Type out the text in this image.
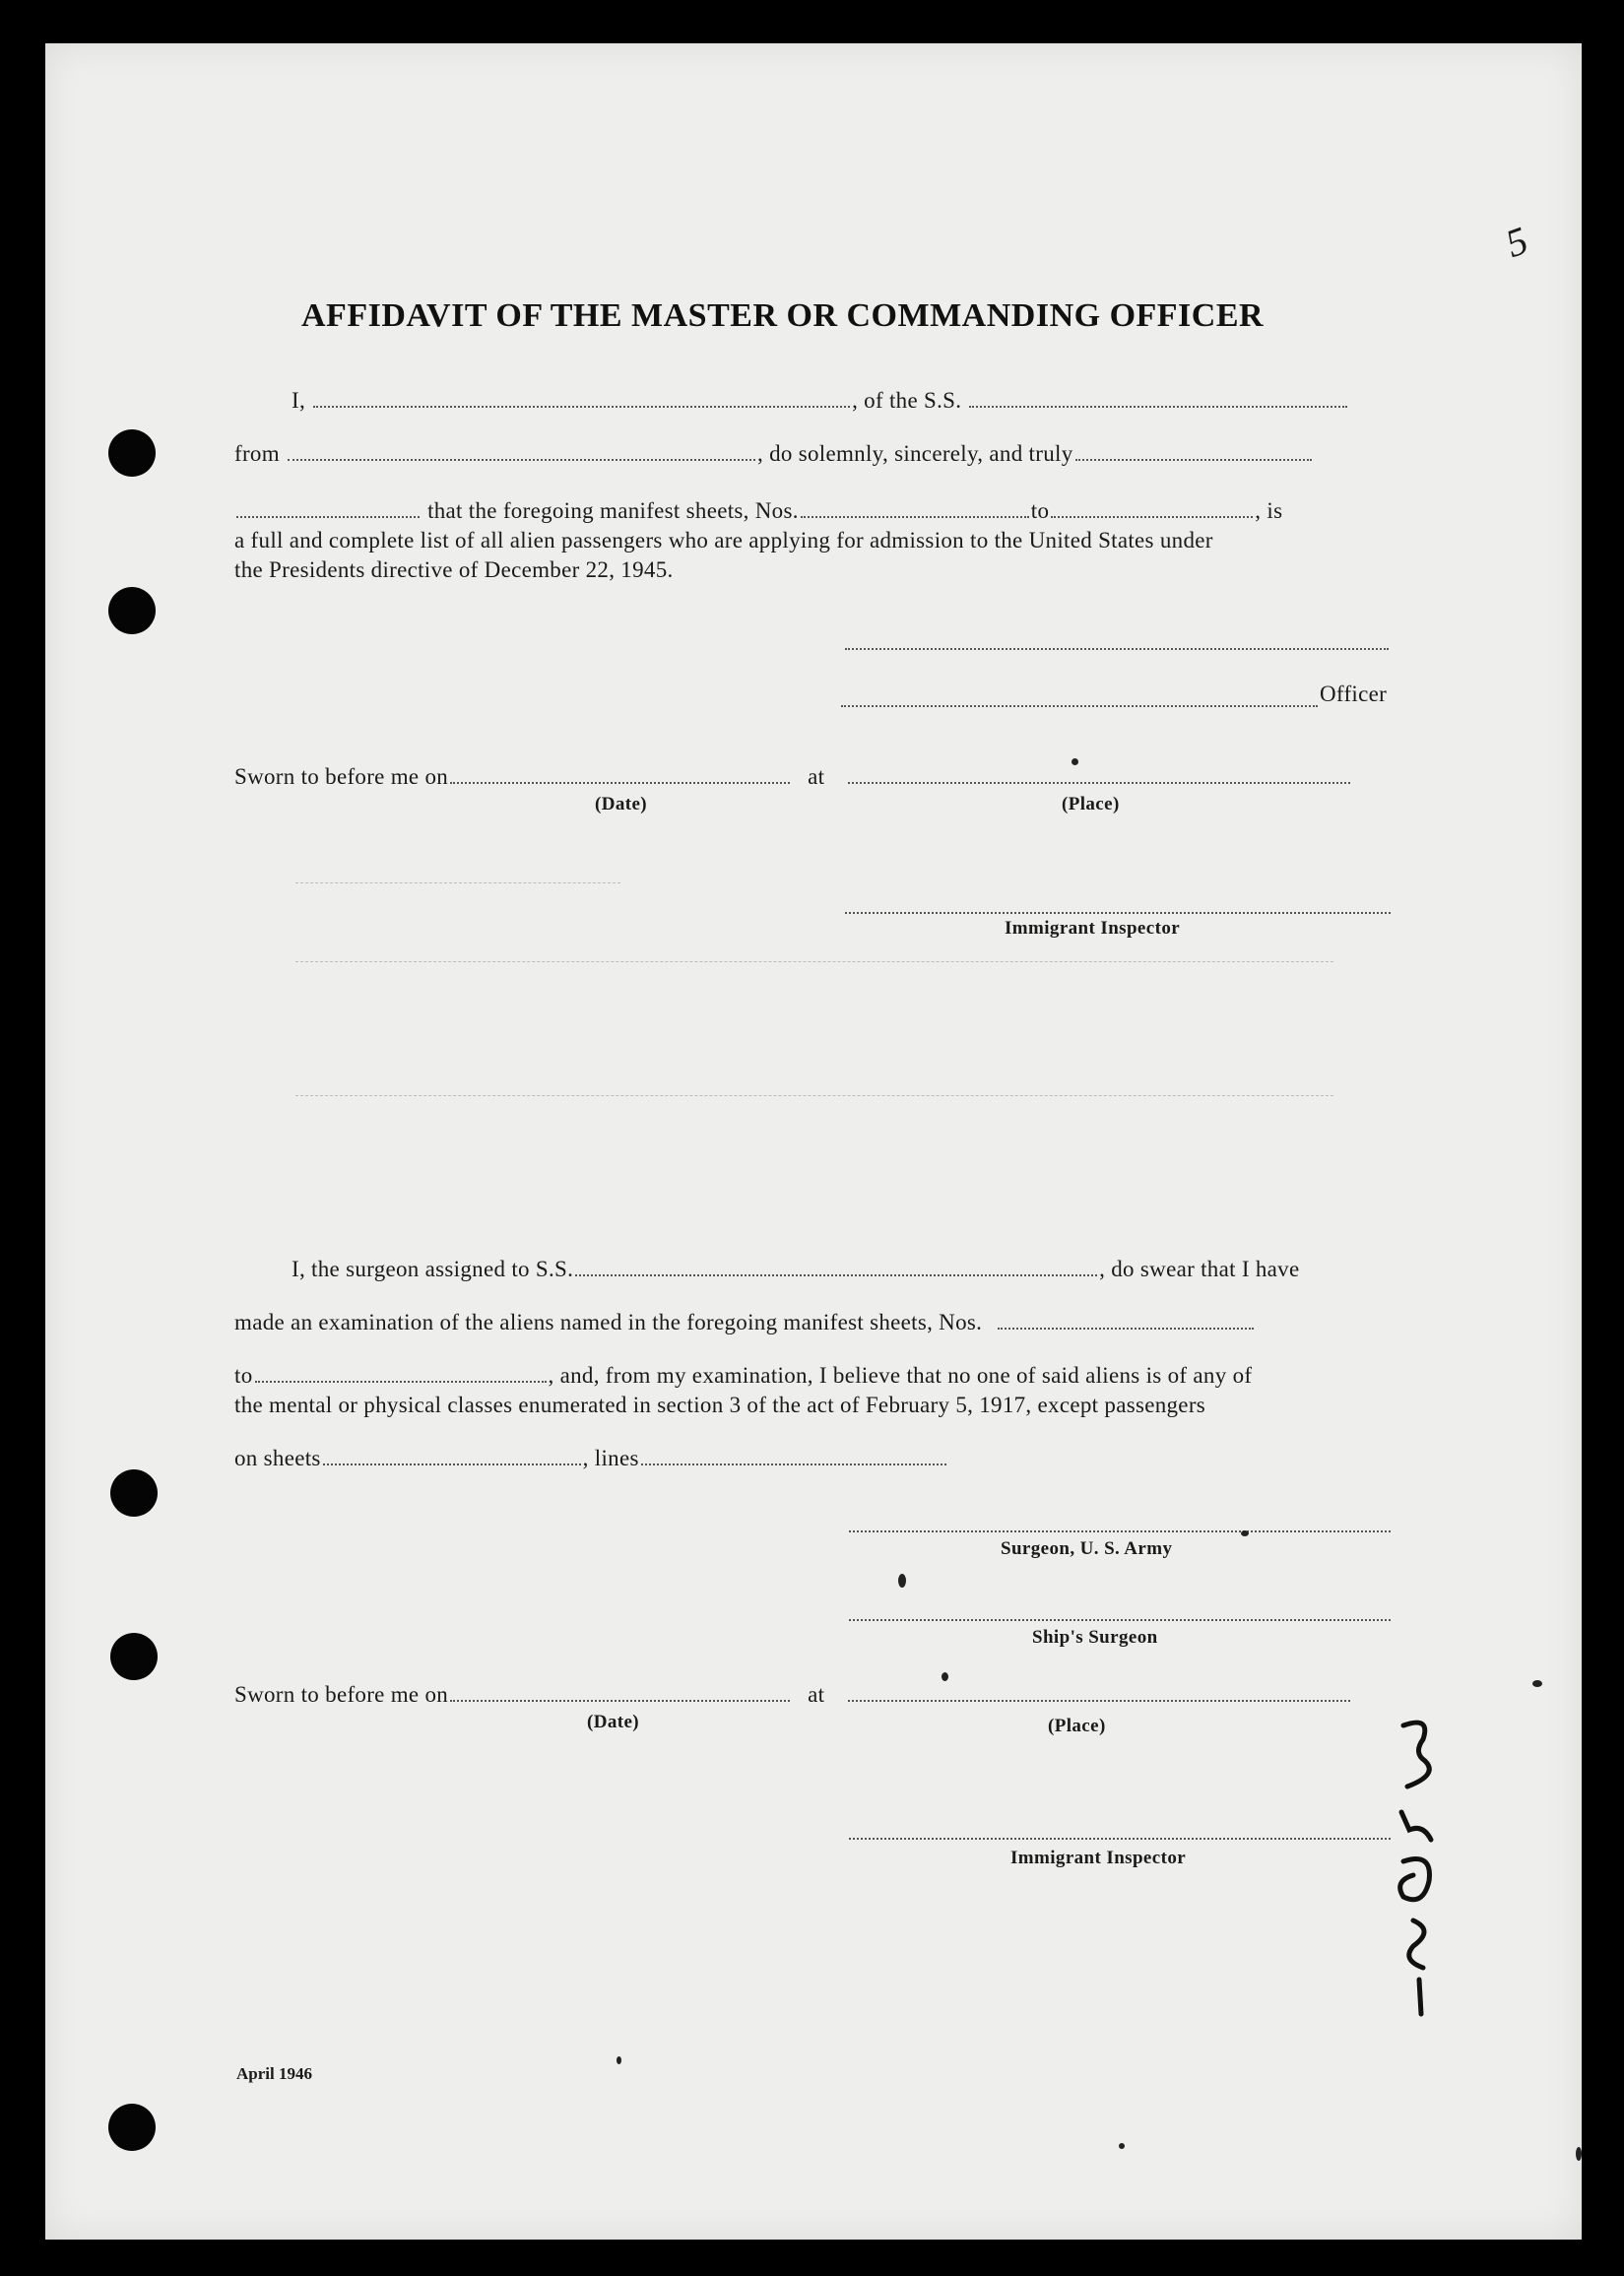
5
AFFIDAVIT OF THE MASTER OR COMMANDING OFFICER
I,	, of the S.S.
from	, do solemnly, sincerely, and truly
that the foregoing manifest sheets, Nos.	to	, is
a full and complete list of all alien passengers who are applying for admission to the United States under
the Presidents directive of December 22, 1945.
Officer
Sworn to before me on	at
(Date)	(Place)
Immigrant Inspector
I, the surgeon assigned to S.S.	, do swear that I have
made an examination of the aliens named in the foregoing manifest sheets, Nos.
to	, and, from my examination, I believe that no one of said aliens is of any of
the mental or physical classes enumerated in section 3 of the act of February 5, 1917, except passengers
on sheets	, lines
Surgeon, U. S. Army
Ship's Surgeon
Sworn to before me on	at
(Date)	(Place)
Immigrant Inspector
April 1946
